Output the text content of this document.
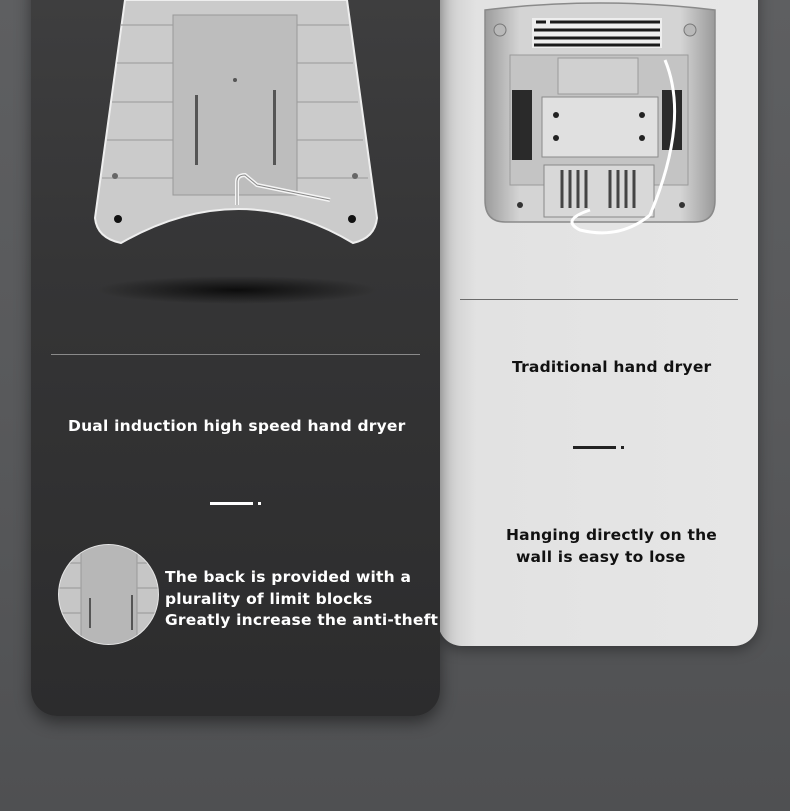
Traditional hand dryer
Hanging directly on the
wall is easy to lose
Dual induction high speed hand dryer
The back is provided with a
plurality of limit blocks
Greatly increase the anti-theft
